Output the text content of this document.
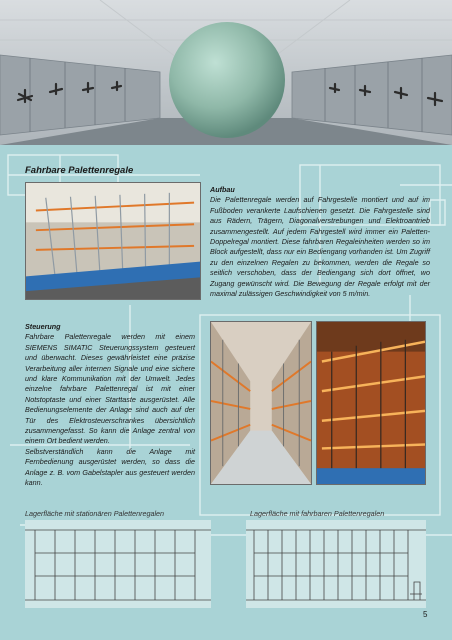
Fahrbare Palettenregale
Aufbau
Die Palettenregale werden auf Fahrgestelle montiert und auf im Fußboden verankerte Laufschienen gesetzt. Die Fahrgestelle sind aus Rädern, Trägern, Diagonalverstrebungen und Elektroantrieb zusammengestellt. Auf jedem Fahrgestell wird immer ein Paletten-Doppelregal montiert. Diese fahrbaren Regaleinheiten werden so im Block aufgestellt, dass nur ein Bediengang vorhanden ist. Um Zugriff zu den einzelnen Regalen zu bekommen, werden die Regale so seitlich verschoben, dass der Bediengang sich dort öffnet, wo Zugang gewünscht wird. Die Bewegung der Regale erfolgt mit der maximal zulässigen Geschwindigkeit von 5 m/min.
Steuerung
Fahrbare Palettenregale werden mit einem SIEMENS SIMATIC Steuerungssystem gesteuert und überwacht. Dieses gewährleistet eine präzise Verarbeitung aller internen Signale und eine sichere und klare Kommunikation mit der Umwelt. Jedes einzelne fahrbare Palettenregal ist mit einer Notstoptaste und einer Starttaste ausgerüstet. Alle Bedienungselemente der Anlage sind auch auf der Tür des Elektrosteuerschrankes übersichtlich zusammengefasst. So kann die Anlage zentral von einem Ort bedient werden.
Selbstverständlich kann die Anlage mit Fernbedienung ausgerüstet werden, so dass die Anlage z. B. vom Gabelstapler aus gesteuert werden kann.
Lagerfläche mit stationären Palettenregalen	Lagerfläche mit fahrbaren Palettenregalen
5
